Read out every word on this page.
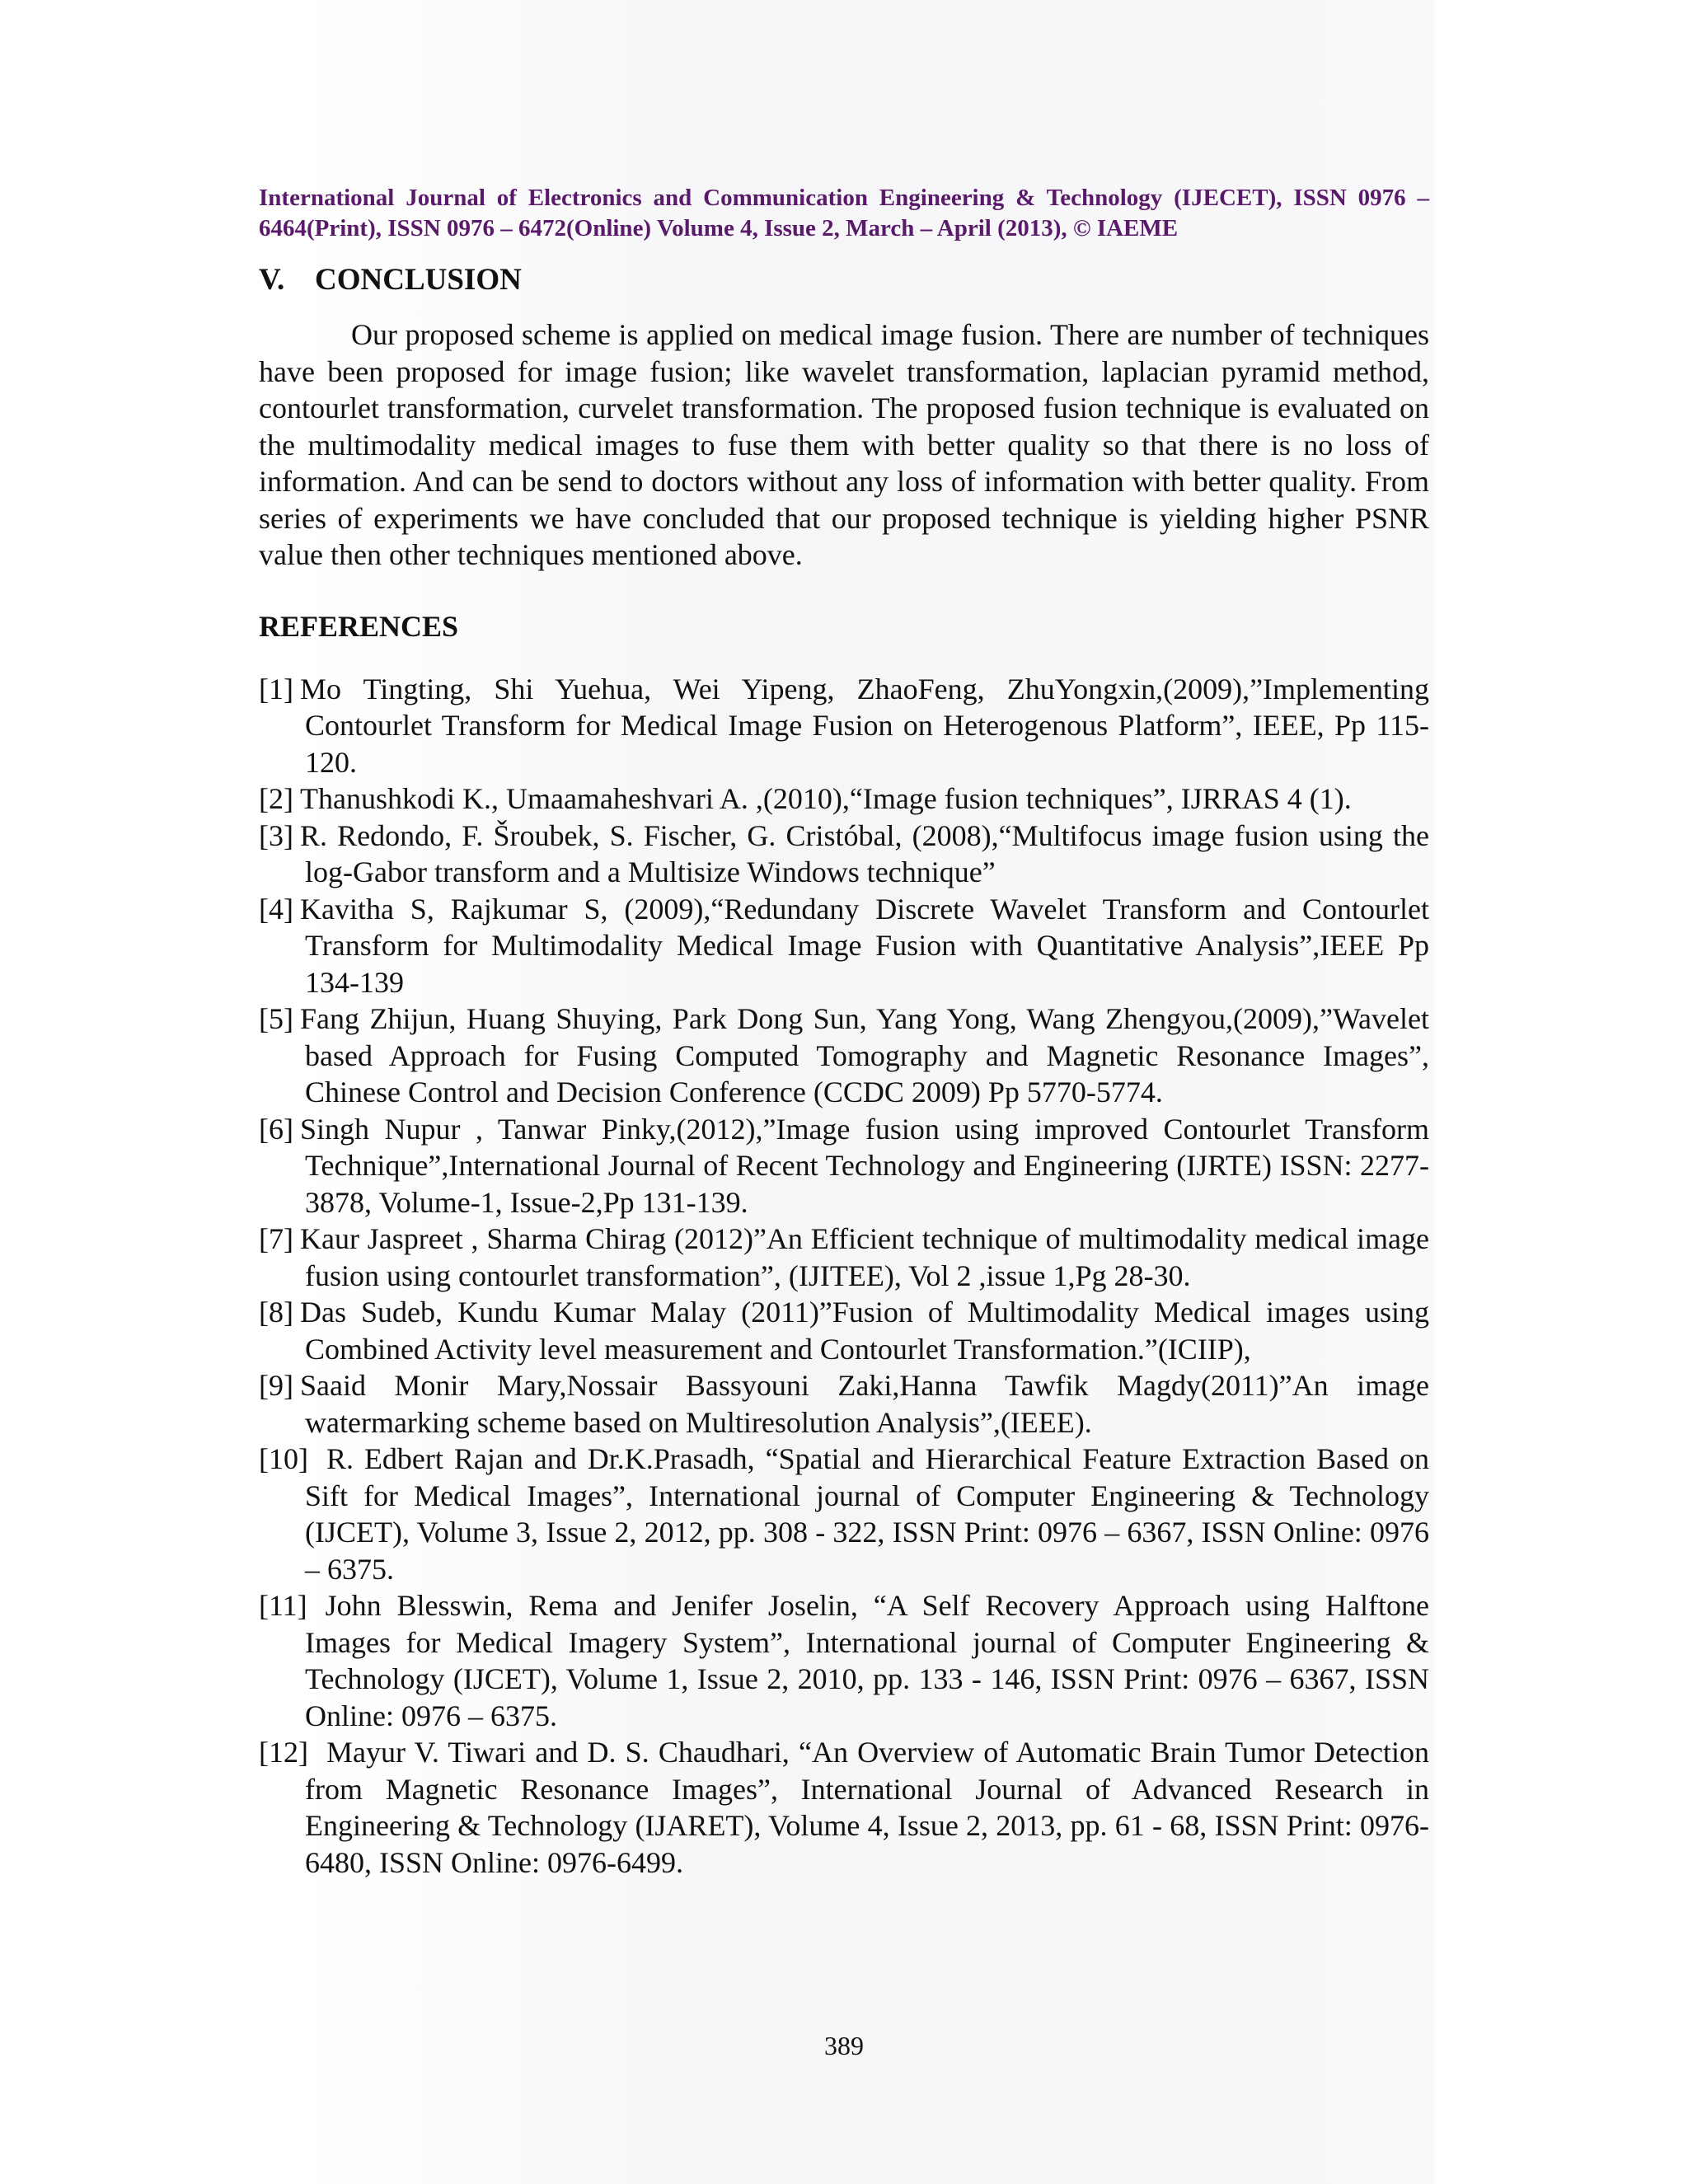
International Journal of Electronics and Communication Engineering & Technology (IJECET), ISSN 0976 – 6464(Print), ISSN 0976 – 6472(Online) Volume 4, Issue 2, March – April (2013), © IAEME

V. CONCLUSION

Our proposed scheme is applied on medical image fusion. There are number of techniques have been proposed for image fusion; like wavelet transformation, laplacian pyramid method, contourlet transformation, curvelet transformation. The proposed fusion technique is evaluated on the multimodality medical images to fuse them with better quality so that there is no loss of information. And can be send to doctors without any loss of information with better quality. From series of experiments we have concluded that our proposed technique is yielding higher PSNR value then other techniques mentioned above.

REFERENCES
[1] Mo Tingting, Shi Yuehua, Wei Yipeng, ZhaoFeng, ZhuYongxin,(2009),”Implementing Contourlet Transform for Medical Image Fusion on Heterogenous Platform”, IEEE, Pp 115-120.
[2] Thanushkodi K., Umaamaheshvari A. ,(2010),“Image fusion techniques”, IJRRAS 4 (1).
[3] R. Redondo, F. Šroubek, S. Fischer, G. Cristóbal, (2008),“Multifocus image fusion using the log-Gabor transform and a Multisize Windows technique”
[4] Kavitha S, Rajkumar S, (2009),“Redundany Discrete Wavelet Transform and Contourlet Transform for Multimodality Medical Image Fusion with Quantitative Analysis”,IEEE Pp 134-139
[5] Fang Zhijun, Huang Shuying, Park Dong Sun, Yang Yong, Wang Zhengyou,(2009),”Wavelet based Approach for Fusing Computed Tomography and Magnetic Resonance Images”, Chinese Control and Decision Conference (CCDC 2009) Pp 5770-5774.
[6] Singh Nupur , Tanwar Pinky,(2012),”Image fusion using improved Contourlet Transform Technique”,International Journal of Recent Technology and Engineering (IJRTE) ISSN: 2277-3878, Volume-1, Issue-2,Pp 131-139.
[7] Kaur Jaspreet , Sharma Chirag (2012)”An Efficient technique of multimodality medical image fusion using contourlet transformation”, (IJITEE), Vol 2 ,issue 1,Pg 28-30.
[8] Das Sudeb, Kundu Kumar Malay (2011)”Fusion of Multimodality Medical images using Combined Activity level measurement and Contourlet Transformation.”(ICIIP),
[9] Saaid Monir Mary,Nossair Bassyouni Zaki,Hanna Tawfik Magdy(2011)”An image watermarking scheme based on Multiresolution Analysis”,(IEEE).
[10] R. Edbert Rajan and Dr.K.Prasadh, “Spatial and Hierarchical Feature Extraction Based on Sift for Medical Images”, International journal of Computer Engineering & Technology (IJCET), Volume 3, Issue 2, 2012, pp. 308 - 322, ISSN Print: 0976 – 6367, ISSN Online: 0976 – 6375.
[11] John Blesswin, Rema and Jenifer Joselin, “A Self Recovery Approach using Halftone Images for Medical Imagery System”, International journal of Computer Engineering & Technology (IJCET), Volume 1, Issue 2, 2010, pp. 133 - 146, ISSN Print: 0976 – 6367, ISSN Online: 0976 – 6375.
[12] Mayur V. Tiwari and D. S. Chaudhari, “An Overview of Automatic Brain Tumor Detection from Magnetic Resonance Images”, International Journal of Advanced Research in Engineering & Technology (IJARET), Volume 4, Issue 2, 2013, pp. 61 - 68, ISSN Print: 0976-6480, ISSN Online: 0976-6499.
389
